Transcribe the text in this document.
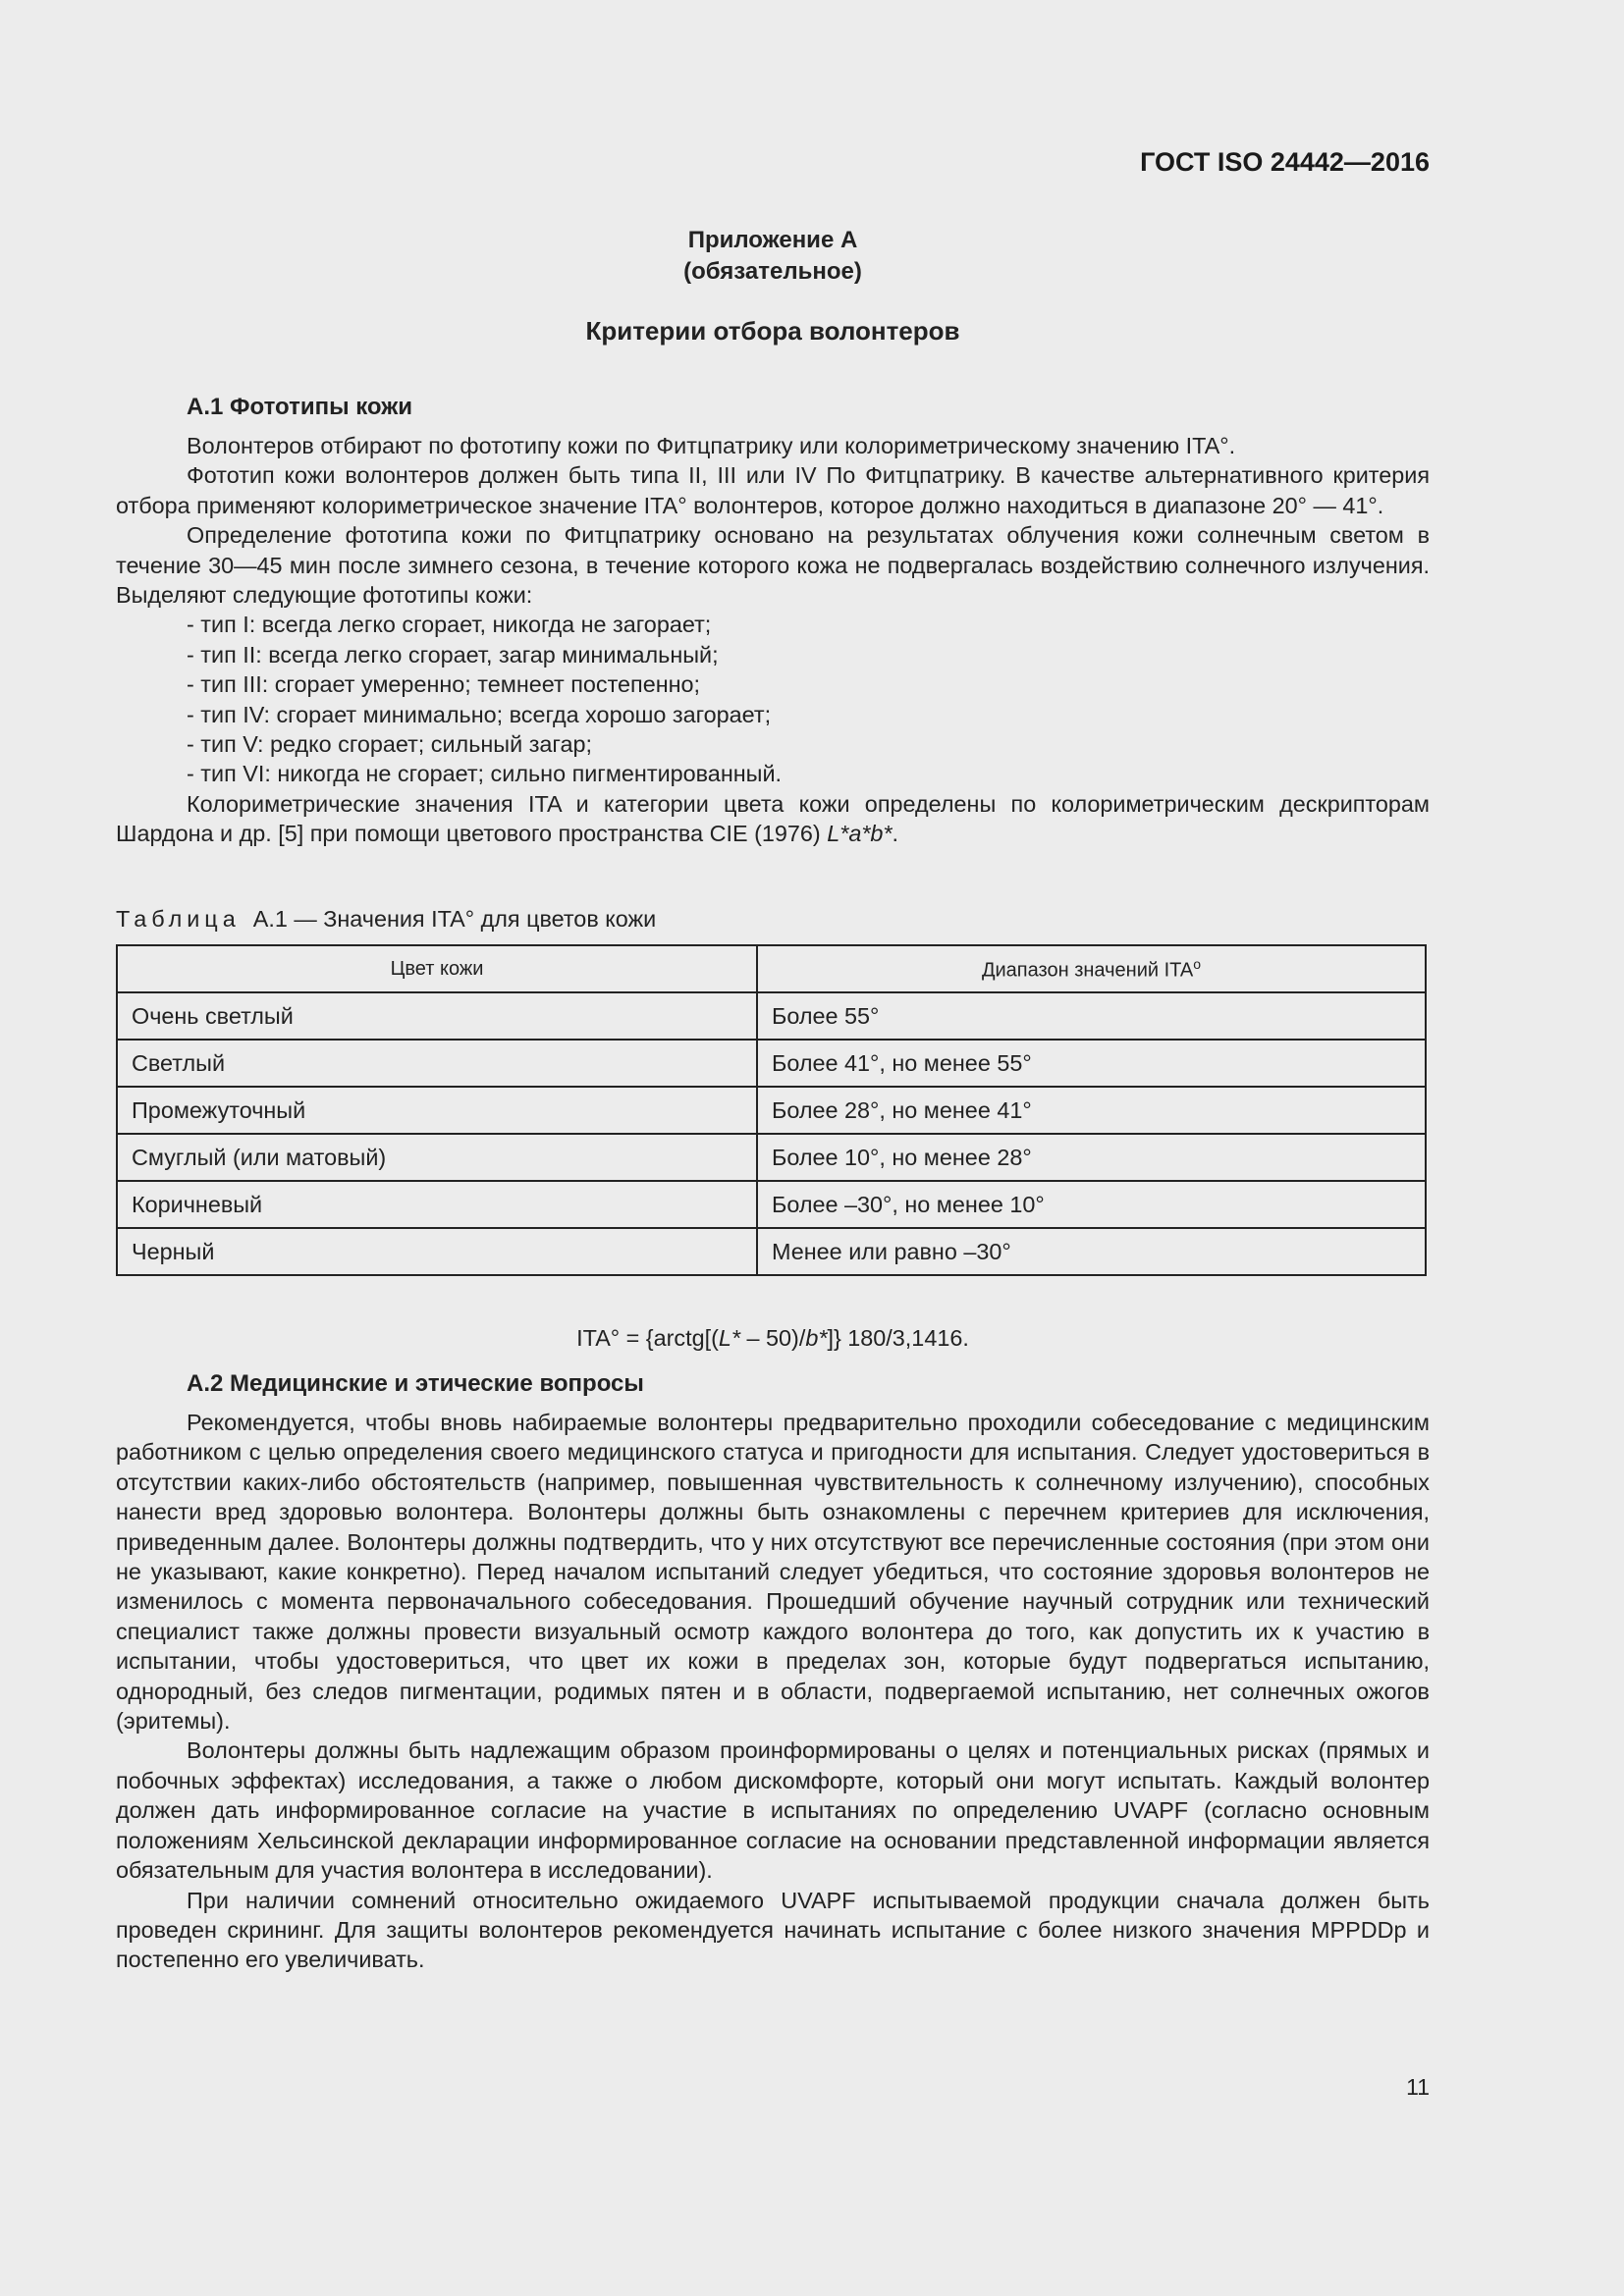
ГОСТ ISO 24442—2016
Приложение А
(обязательное)
Критерии отбора волонтеров
А.1 Фототипы кожи

Волонтеров отбирают по фототипу кожи по Фитцпатрику или колориметрическому значению ITA°.

Фототип кожи волонтеров должен быть типа II, III или IV По Фитцпатрику. В качестве альтернативного критерия отбора применяют колориметрическое значение ITA° волонтеров, которое должно находиться в диапазоне 20° — 41°.

Определение фототипа кожи по Фитцпатрику основано на результатах облучения кожи солнечным светом в течение 30—45 мин после зимнего сезона, в течение которого кожа не подвергалась воздействию солнечного излучения. Выделяют следующие фототипы кожи:

- тип I: всегда легко сгорает, никогда не загорает;

- тип II: всегда легко сгорает, загар минимальный;

- тип III: сгорает умеренно; темнеет постепенно;

- тип IV: сгорает минимально; всегда хорошо загорает;

- тип V: редко сгорает; сильный загар;

- тип VI: никогда не сгорает; сильно пигментированный.

Колориметрические значения ITA и категории цвета кожи определены по колориметрическим дескрипторам Шардона и др. [5] при помощи цветового пространства CIE (1976) L*a*b*.

Таблица А.1 — Значения ITA° для цветов кожи
Цвет кожи	Диапазон значений $ITA^о$
Очень светлый	Более 55°
Светлый	Более 41°, но менее 55°
Промежуточный	Более 28°, но менее 41°
Смуглый (или матовый)	Более 10°, но менее 28°
Коричневый	Более –30°, но менее 10°
Черный	Менее или равно –30°
ITA° = {arctg[(L* – 50)/b*]} 180/3,1416.
А.2 Медицинские и этические вопросы

Рекомендуется, чтобы вновь набираемые волонтеры предварительно проходили собеседование с медицинским работником с целью определения своего медицинского статуса и пригодности для испытания. Следует удостовериться в отсутствии каких-либо обстоятельств (например, повышенная чувствительность к солнечному излучению), способных нанести вред здоровью волонтера. Волонтеры должны быть ознакомлены с перечнем критериев для исключения, приведенным далее. Волонтеры должны подтвердить, что у них отсутствуют все перечисленные состояния (при этом они не указывают, какие конкретно). Перед началом испытаний следует убедиться, что состояние здоровья волонтеров не изменилось с момента первоначального собеседования. Прошедший обучение научный сотрудник или технический специалист также должны провести визуальный осмотр каждого волонтера до того, как допустить их к участию в испытании, чтобы удостовериться, что цвет их кожи в пределах зон, которые будут подвергаться испытанию, однородный, без следов пигментации, родимых пятен и в области, подвергаемой испытанию, нет солнечных ожогов (эритемы).

Волонтеры должны быть надлежащим образом проинформированы о целях и потенциальных рисках (прямых и побочных эффектах) исследования, а также о любом дискомфорте, который они могут испытать. Каждый волонтер должен дать информированное согласие на участие в испытаниях по определению UVAPF (согласно основным положениям Хельсинской декларации информированное согласие на основании представленной информации является обязательным для участия волонтера в исследовании).

При наличии сомнений относительно ожидаемого UVAPF испытываемой продукции сначала должен быть проведен скрининг. Для защиты волонтеров рекомендуется начинать испытание с более низкого значения MPPDDp и постепенно его увеличивать.

11
